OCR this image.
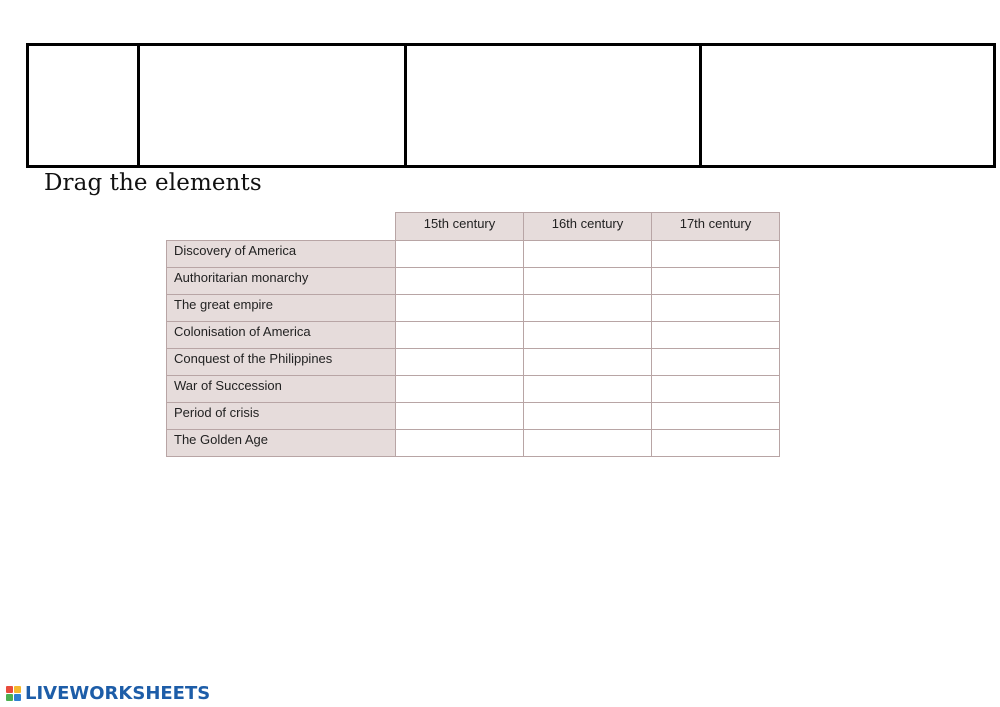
Drag the elements
	15th century	16th century	17th century
Discovery of America			
Authoritarian monarchy			
The great empire			
Colonisation of America			
Conquest of the Philippines			
War of Succession			
Period of crisis			
The Golden Age			
LIVEWORKSHEETS
